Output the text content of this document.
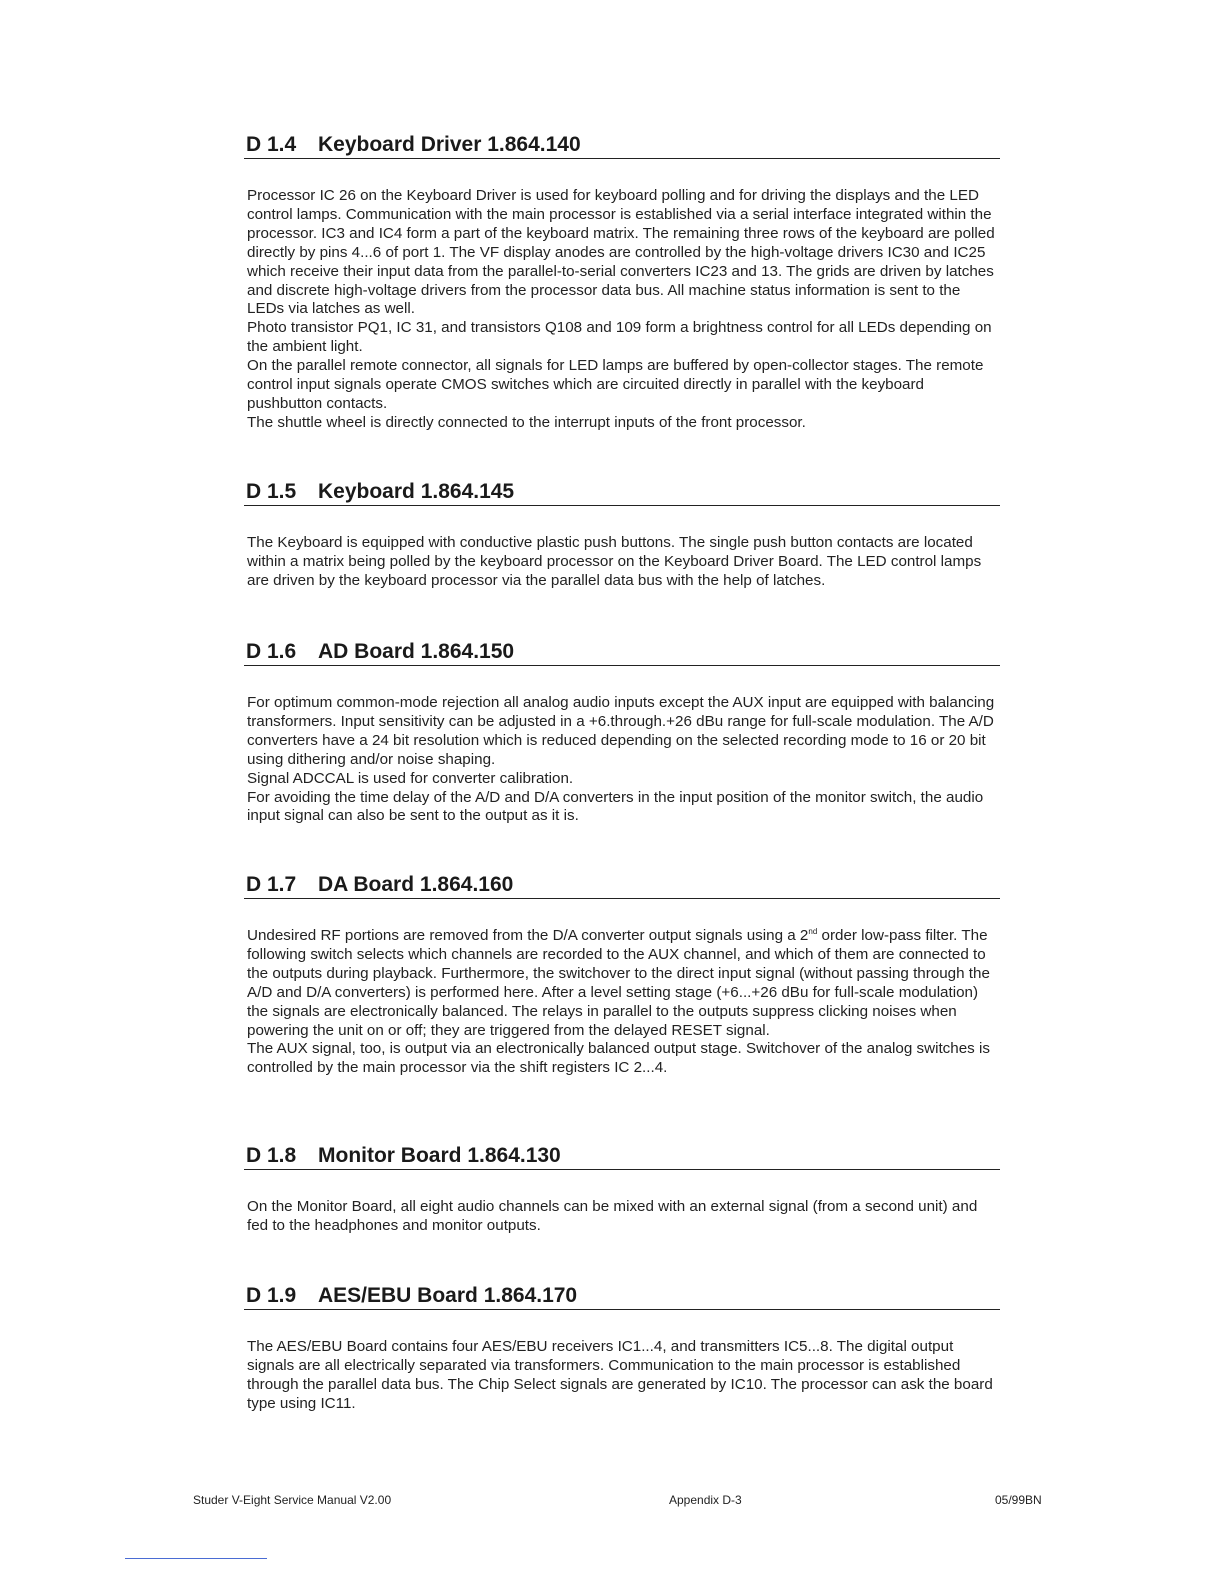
D 1.4 Keyboard Driver 1.864.140

Processor IC 26 on the Keyboard Driver is used for keyboard polling and for driving the displays and the LED control lamps. Communication with the main processor is established via a serial interface integrated within the processor. IC3 and IC4 form a part of the keyboard matrix. The remaining three rows of the keyboard are polled directly by pins 4...6 of port 1. The VF display anodes are controlled by the high-voltage drivers IC30 and IC25 which receive their input data from the parallel-to-serial converters IC23 and 13. The grids are driven by latches and discrete high-voltage drivers from the processor data bus. All machine status information is sent to the LEDs via latches as well.

Photo transistor PQ1, IC 31, and transistors Q108 and 109 form a brightness control for all LEDs depending on the ambient light.

On the parallel remote connector, all signals for LED lamps are buffered by open-collector stages. The remote control input signals operate CMOS switches which are circuited directly in parallel with the keyboard pushbutton contacts.

The shuttle wheel is directly connected to the interrupt inputs of the front processor.

D 1.5 Keyboard 1.864.145

The Keyboard is equipped with conductive plastic push buttons. The single push button contacts are located within a matrix being polled by the keyboard processor on the Keyboard Driver Board. The LED control lamps are driven by the keyboard processor via the parallel data bus with the help of latches.

D 1.6 AD Board 1.864.150

For optimum common-mode rejection all analog audio inputs except the AUX input are equipped with balancing transformers. Input sensitivity can be adjusted in a +6.through.+26 dBu range for full-scale modulation. The A/D converters have a 24 bit resolution which is reduced depending on the selected recording mode to 16 or 20 bit using dithering and/or noise shaping.

Signal ADCCAL is used for converter calibration.

For avoiding the time delay of the A/D and D/A converters in the input position of the monitor switch, the audio input signal can also be sent to the output as it is.

D 1.7 DA Board 1.864.160

Undesired RF portions are removed from the D/A converter output signals using a 2nd order low-pass filter. The following switch selects which channels are recorded to the AUX channel, and which of them are connected to the outputs during playback. Furthermore, the switchover to the direct input signal (without passing through the A/D and D/A converters) is performed here. After a level setting stage (+6...+26 dBu for full-scale modulation) the signals are electronically balanced. The relays in parallel to the outputs suppress clicking noises when powering the unit on or off; they are triggered from the delayed RESET signal.

The AUX signal, too, is output via an electronically balanced output stage. Switchover of the analog switches is controlled by the main processor via the shift registers IC 2...4.

D 1.8 Monitor Board 1.864.130

On the Monitor Board, all eight audio channels can be mixed with an external signal (from a second unit) and fed to the headphones and monitor outputs.

D 1.9 AES/EBU Board 1.864.170

The AES/EBU Board contains four AES/EBU receivers IC1...4, and transmitters IC5...8. The digital output signals are all electrically separated via transformers. Communication to the main processor is established through the parallel data bus. The Chip Select signals are generated by IC10. The processor can ask the board type using IC11.

Studer V-Eight Service Manual V2.00	Appendix D-3	05/99BN
